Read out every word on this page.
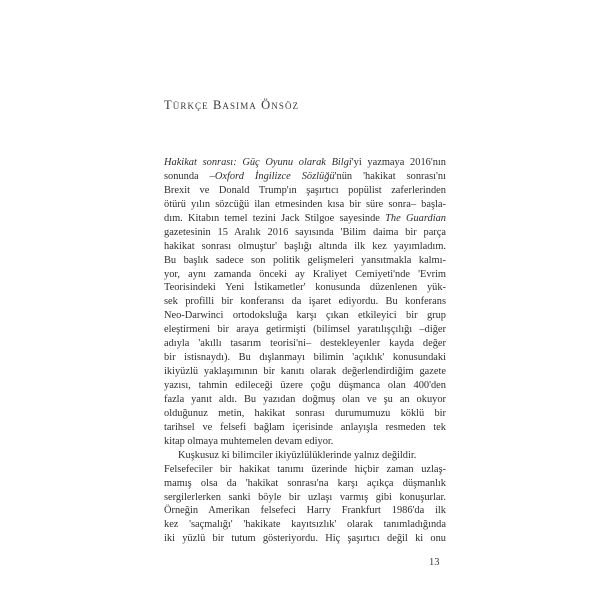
Türkçe Basıma Önsöz
Hakikat sonrası: Güç Oyunu olarak Bilgi'yi yazmaya 2016'nın
sonunda –Oxford İngilizce Sözlüğü'nün 'hakikat sonrası'nı
Brexit ve Donald Trump'ın şaşırtıcı popülist zaferlerinden
ötürü yılın sözcüğü ilan etmesinden kısa bir süre sonra– başla-
dım. Kitabın temel tezini Jack Stilgoe sayesinde The Guardian
gazetesinin 15 Aralık 2016 sayısında 'Bilim daima bir parça
hakikat sonrası olmuştur' başlığı altında ilk kez yayımladım.
Bu başlık sadece son politik gelişmeleri yansıtmakla kalmı-
yor, aynı zamanda önceki ay Kraliyet Cemiyeti'nde 'Evrim
Teorisindeki Yeni İstikametler' konusunda düzenlenen yük-
sek profilli bir konferansı da işaret ediyordu. Bu konferans
Neo-Darwinci ortodoksluğa karşı çıkan etkileyici bir grup
eleştirmeni bir araya getirmişti (bilimsel yaratılışçılığı –diğer
adıyla 'akıllı tasarım teorisi'ni– destekleyenler kayda değer
bir istisnaydı). Bu dışlanmayı bilimin 'açıklık' konusundaki
ikiyüzlü yaklaşımının bir kanıtı olarak değerlendirdiğim gazete
yazısı, tahmin edileceği üzere çoğu düşmanca olan 400'den
fazla yanıt aldı. Bu yazıdan doğmuş olan ve şu an okuyor
olduğunuz metin, hakikat sonrası durumumuzu köklü bir
tarihsel ve felsefi bağlam içerisinde anlayışla resmeden tek
kitap olmaya muhtemelen devam ediyor.
Kuşkusuz ki bilimciler ikiyüzlülüklerinde yalnız değildir.
Felsefeciler bir hakikat tanımı üzerinde hiçbir zaman uzlaş-
mamış olsa da 'hakikat sonrası'na karşı açıkça düşmanlık
sergilerlerken sanki böyle bir uzlaşı varmış gibi konuşurlar.
Örneğin Amerikan felsefeci Harry Frankfurt 1986'da ilk
kez 'saçmalığı' 'hakikate kayıtsızlık' olarak tanımladığında
iki yüzlü bir tutum gösteriyordu. Hiç şaşırtıcı değil ki onu
13
